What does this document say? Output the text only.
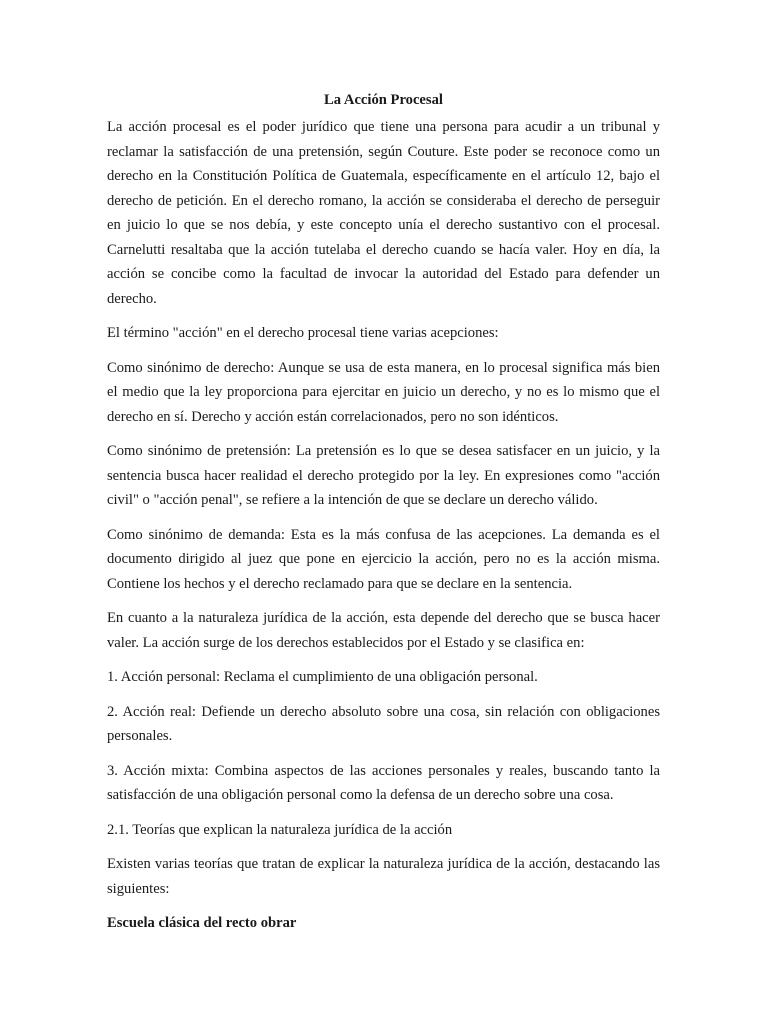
La Acción Procesal

La acción procesal es el poder jurídico que tiene una persona para acudir a un tribunal y reclamar la satisfacción de una pretensión, según Couture. Este poder se reconoce como un derecho en la Constitución Política de Guatemala, específicamente en el artículo 12, bajo el derecho de petición. En el derecho romano, la acción se consideraba el derecho de perseguir en juicio lo que se nos debía, y este concepto unía el derecho sustantivo con el procesal. Carnelutti resaltaba que la acción tutelaba el derecho cuando se hacía valer. Hoy en día, la acción se concibe como la facultad de invocar la autoridad del Estado para defender un derecho.

El término "acción" en el derecho procesal tiene varias acepciones:

Como sinónimo de derecho: Aunque se usa de esta manera, en lo procesal significa más bien el medio que la ley proporciona para ejercitar en juicio un derecho, y no es lo mismo que el derecho en sí. Derecho y acción están correlacionados, pero no son idénticos.

Como sinónimo de pretensión: La pretensión es lo que se desea satisfacer en un juicio, y la sentencia busca hacer realidad el derecho protegido por la ley. En expresiones como "acción civil" o "acción penal", se refiere a la intención de que se declare un derecho válido.

Como sinónimo de demanda: Esta es la más confusa de las acepciones. La demanda es el documento dirigido al juez que pone en ejercicio la acción, pero no es la acción misma. Contiene los hechos y el derecho reclamado para que se declare en la sentencia.

En cuanto a la naturaleza jurídica de la acción, esta depende del derecho que se busca hacer valer. La acción surge de los derechos establecidos por el Estado y se clasifica en:

1. Acción personal: Reclama el cumplimiento de una obligación personal.

2. Acción real: Defiende un derecho absoluto sobre una cosa, sin relación con obligaciones personales.

3. Acción mixta: Combina aspectos de las acciones personales y reales, buscando tanto la satisfacción de una obligación personal como la defensa de un derecho sobre una cosa.

2.1. Teorías que explican la naturaleza jurídica de la acción

Existen varias teorías que tratan de explicar la naturaleza jurídica de la acción, destacando las siguientes:

Escuela clásica del recto obrar
